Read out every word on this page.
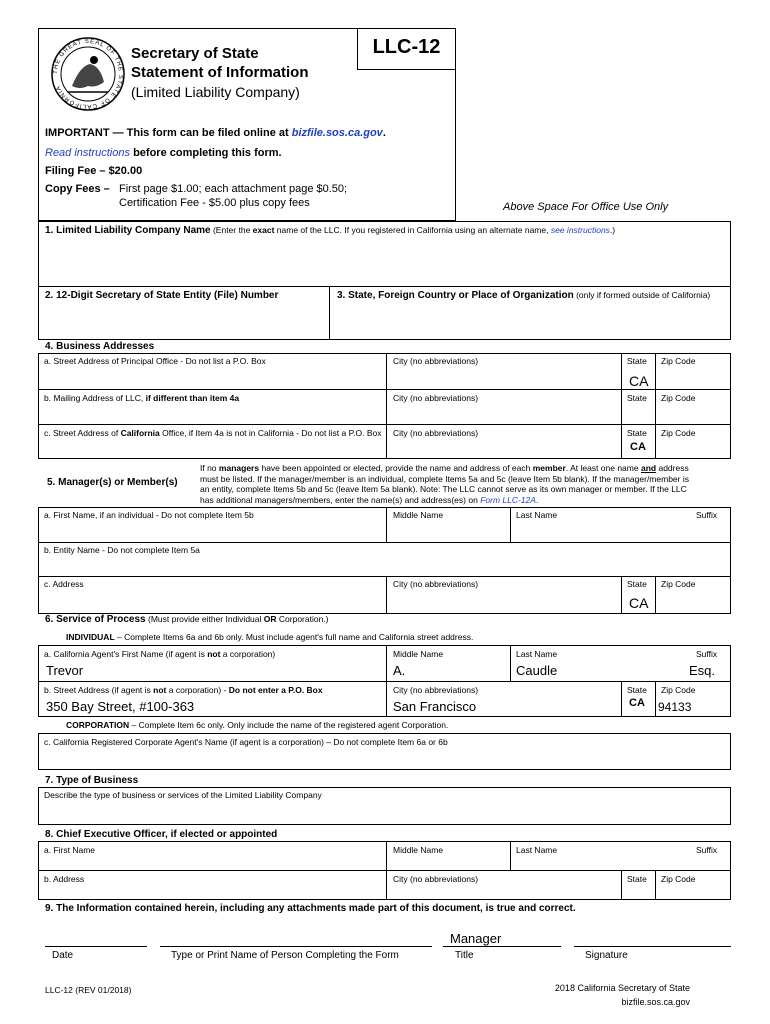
LLC-12
THE GREAT SEAL OF THE STATE OF CALIFORNIA
Secretary of State
Statement of Information
(Limited Liability Company)
IMPORTANT — This form can be filed online at bizfile.sos.ca.gov.
Read instructions before completing this form.
Filing Fee – $20.00
Copy Fees – First page $1.00; each attachment page $0.50;
Certification Fee - $5.00 plus copy fees	Above Space For Office Use Only
1. Limited Liability Company Name (Enter the exact name of the LLC. If you registered in California using an alternate name, see instructions.)
2. 12-Digit Secretary of State Entity (File) Number	3. State, Foreign Country or Place of Organization (only if formed outside of California)
4. Business Addresses
a. Street Address of Principal Office - Do not list a P.O. Box	City (no abbreviations)	State Zip Code
CA
b. Mailing Address of LLC, if different than item 4a	City (no abbreviations)	State Zip Code
c. Street Address of California Office, if Item 4a is not in California - Do not list a P.O. Box City (no abbreviations)	State Zip Code
CA
5. Manager(s) or Member(s)
If no managers have been appointed or elected, provide the name and address of each member. At least one name and address
must be listed. If the manager/member is an individual, complete Items 5a and 5c (leave Item 5b blank). If the manager/member is
an entity, complete Items 5b and 5c (leave Item 5a blank). Note: The LLC cannot serve as its own manager or member. If the LLC
has additional managers/members, enter the name(s) and address(es) on Form LLC-12A.
a. First Name, if an individual - Do not complete Item 5b	Middle Name	Last Name	Suffix
b. Entity Name - Do not complete Item 5a
c. Address	City (no abbreviations)	State Zip Code
CA
6. Service of Process (Must provide either Individual OR Corporation.)
INDIVIDUAL – Complete Items 6a and 6b only. Must include agent's full name and California street address.
a. California Agent's First Name (if agent is not a corporation)	Middle Name	Last Name	Suffix
Trevor	A.	Caudle	Esq.
b. Street Address (if agent is not a corporation) - Do not enter a P.O. Box	City (no abbreviations)	State Zip Code
350 Bay Street, #100-363	San Francisco	CA 94133
CORPORATION – Complete Item 6c only. Only include the name of the registered agent Corporation.
c. California Registered Corporate Agent's Name (if agent is a corporation) – Do not complete Item 6a or 6b
7. Type of Business
Describe the type of business or services of the Limited Liability Company
8. Chief Executive Officer, if elected or appointed
a. First Name	Middle Name	Last Name	Suffix
b. Address	City (no abbreviations)	State Zip Code
9. The Information contained herein, including any attachments made part of this document, is true and correct.
Manager
Date	Type or Print Name of Person Completing the Form	Title	Signature
LLC-12 (REV 01/2018)	2018 California Secretary of State
bizfile.sos.ca.gov
